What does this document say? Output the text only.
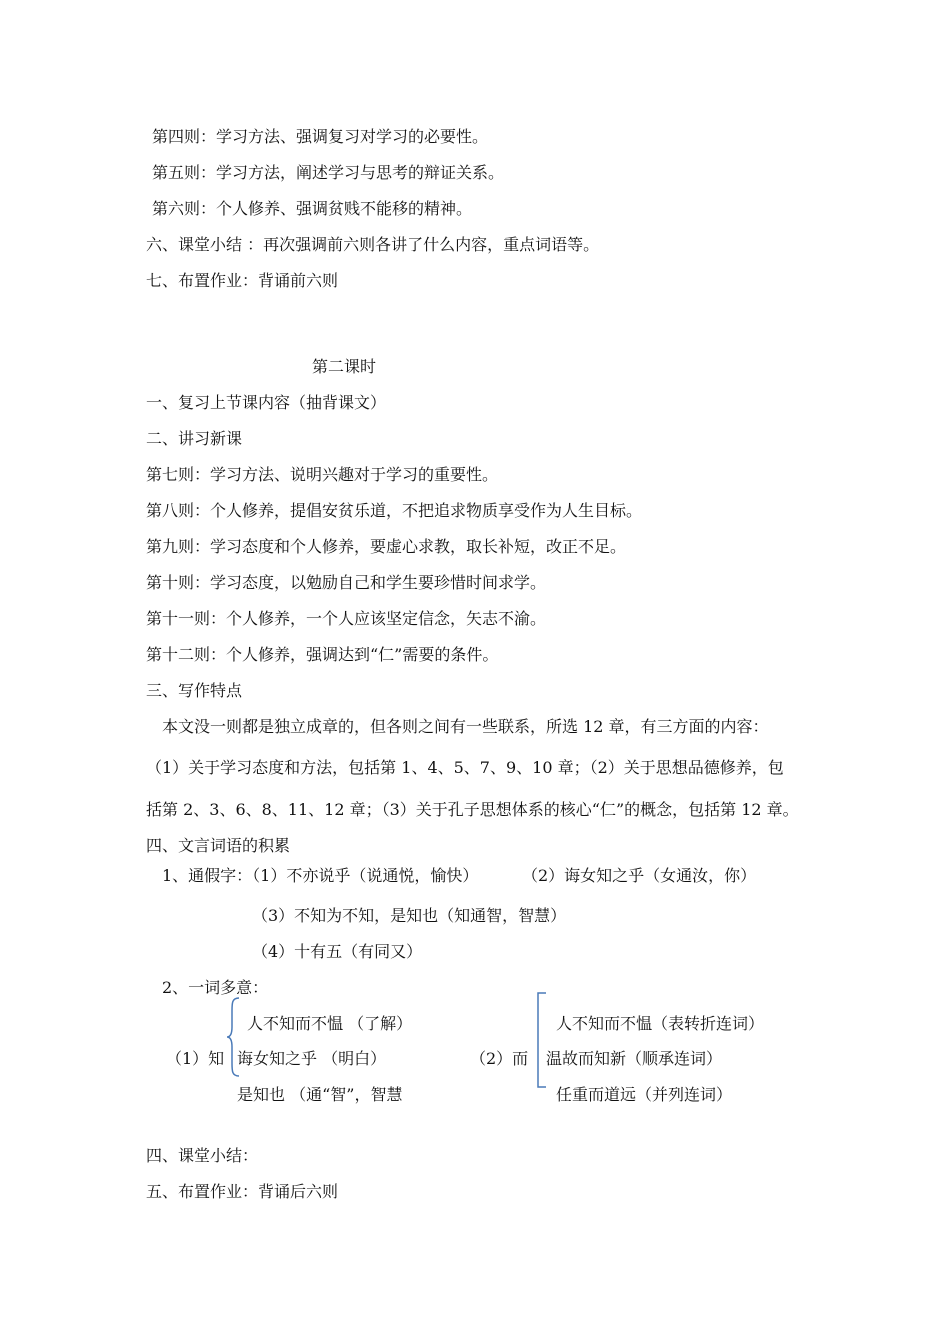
第四则：学习方法、强调复习对学习的必要性。
第五则：学习方法，阐述学习与思考的辩证关系。
第六则：个人修养、强调贫贱不能移的精神。
六、课堂小结 ：再次强调前六则各讲了什么内容，重点词语等。
七、布置作业：背诵前六则
第二课时
一、复习上节课内容（抽背课文）
二、讲习新课
第七则：学习方法、说明兴趣对于学习的重要性。
第八则：个人修养，提倡安贫乐道，不把追求物质享受作为人生目标。
第九则：学习态度和个人修养，要虚心求教，取长补短，改正不足。
第十则：学习态度，以勉励自己和学生要珍惜时间求学。
第十一则：个人修养，一个人应该坚定信念，矢志不渝。
第十二则：个人修养，强调达到“仁”需要的条件。
三、写作特点
本文没一则都是独立成章的，但各则之间有一些联系，所选 12 章，有三方面的内容：
（1）关于学习态度和方法，包括第 1、4、5、7、9、10 章；（2）关于思想品德修养，包
括第 2、3、6、8、11、12 章；（3）关于孔子思想体系的核心“仁”的概念，包括第 12 章。
四、文言词语的积累
1、通假字：（1）不亦说乎（说通悦，愉快）	（2）诲女知之乎（女通汝，你）
（3）不知为不知，是知也（知通智，智慧）
（4）十有五（有同又）
2、一词多意：
（1）知
人不知而不愠 （了解）
诲女知之乎 （明白）
是知也 （通“智”，智慧
（2）而
人不知而不愠（表转折连词）
温故而知新（顺承连词）
任重而道远（并列连词）
四、课堂小结：
五、布置作业：背诵后六则
